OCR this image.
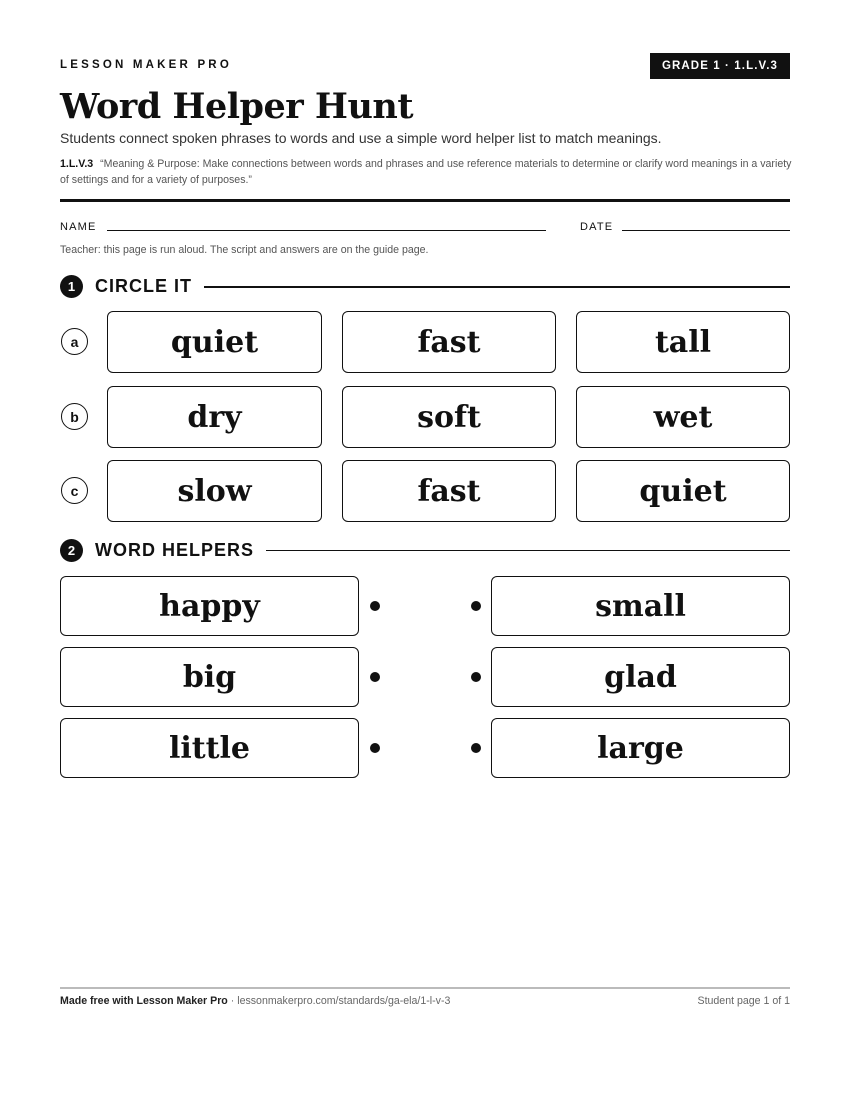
LESSON MAKER PRO	GRADE 1 · 1.L.V.3
Word Helper Hunt
Students connect spoken phrases to words and use a simple word helper list to match meanings.
1.L.V.3 “Meaning & Purpose: Make connections between words and phrases and use reference materials to determine or clarify word meanings in a variety of settings and for a variety of purposes.”
NAME	DATE
Teacher: this page is run aloud. The script and answers are on the guide page.
1	CIRCLE IT
a	quiet	fast	tall
b	dry	soft	wet
c	slow	fast	quiet
2	WORD HELPERS
happy	small
big	glad
little	large
Made free with Lesson Maker Pro · lessonmakerpro.com/standards/ga-ela/1-l-v-3	Student page 1 of 1
